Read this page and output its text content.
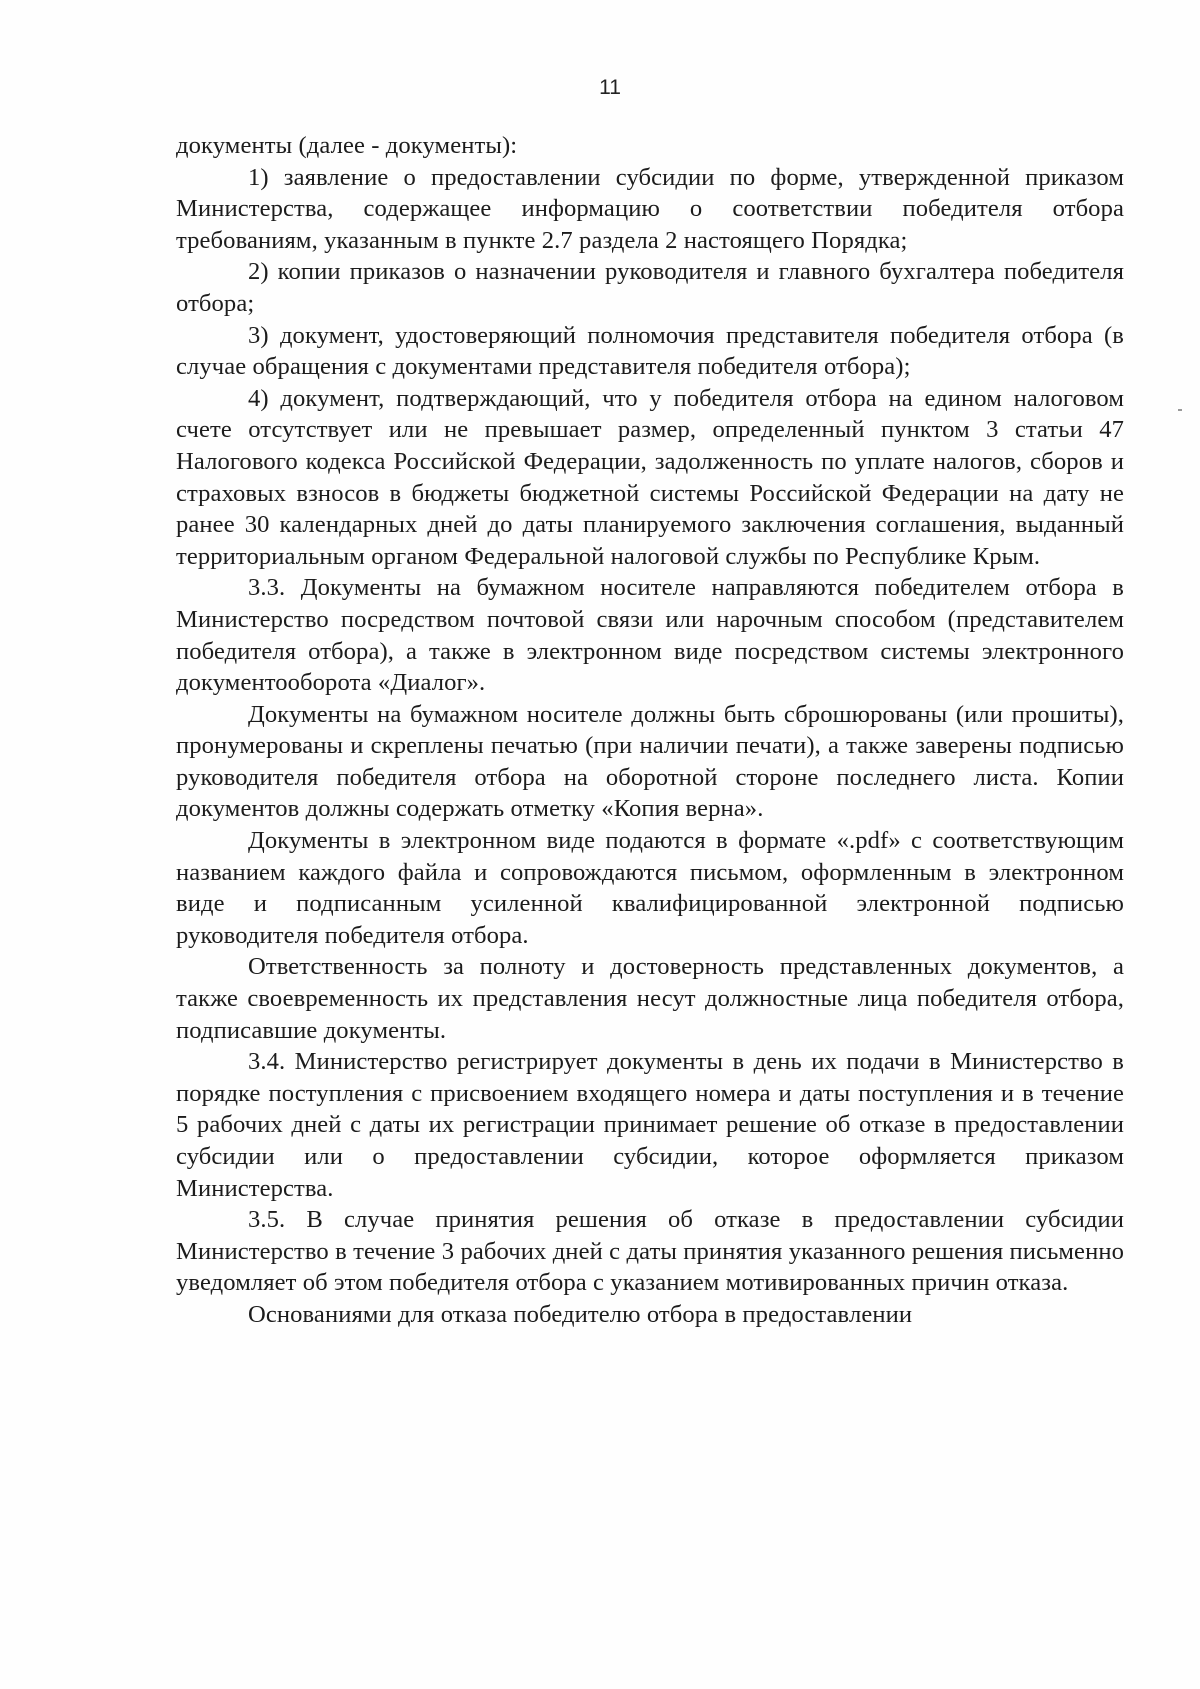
11

документы (далее - документы):

1) заявление о предоставлении субсидии по форме, утвержденной приказом Министерства, содержащее информацию о соответствии победителя отбора требованиям, указанным в пункте 2.7 раздела 2 настоящего Порядка;

2) копии приказов о назначении руководителя и главного бухгалтера победителя отбора;

3) документ, удостоверяющий полномочия представителя победителя отбора (в случае обращения с документами представителя победителя отбора);

4) документ, подтверждающий, что у победителя отбора на едином налоговом счете отсутствует или не превышает размер, определенный пунктом 3 статьи 47 Налогового кодекса Российской Федерации, задолженность по уплате налогов, сборов и страховых взносов в бюджеты бюджетной системы Российской Федерации на дату не ранее 30 календарных дней до даты планируемого заключения соглашения, выданный территориальным органом Федеральной налоговой службы по Республике Крым.

3.3. Документы на бумажном носителе направляются победителем отбора в Министерство посредством почтовой связи или нарочным способом (представителем победителя отбора), а также в электронном виде посредством системы электронного документооборота «Диалог».

Документы на бумажном носителе должны быть сброшюрованы (или прошиты), пронумерованы и скреплены печатью (при наличии печати), а также заверены подписью руководителя победителя отбора на оборотной стороне последнего листа. Копии документов должны содержать отметку «Копия верна».

Документы в электронном виде подаются в формате «.pdf» с соответствующим названием каждого файла и сопровождаются письмом, оформленным в электронном виде и подписанным усиленной квалифицированной электронной подписью руководителя победителя отбора.

Ответственность за полноту и достоверность представленных документов, а также своевременность их представления несут должностные лица победителя отбора, подписавшие документы.

3.4. Министерство регистрирует документы в день их подачи в Министерство в порядке поступления с присвоением входящего номера и даты поступления и в течение 5 рабочих дней с даты их регистрации принимает решение об отказе в предоставлении субсидии или о предоставлении субсидии, которое оформляется приказом Министерства.

3.5. В случае принятия решения об отказе в предоставлении субсидии Министерство в течение 3 рабочих дней с даты принятия указанного решения письменно уведомляет об этом победителя отбора с указанием мотивированных причин отказа.

Основаниями для отказа победителю отбора в предоставлении
